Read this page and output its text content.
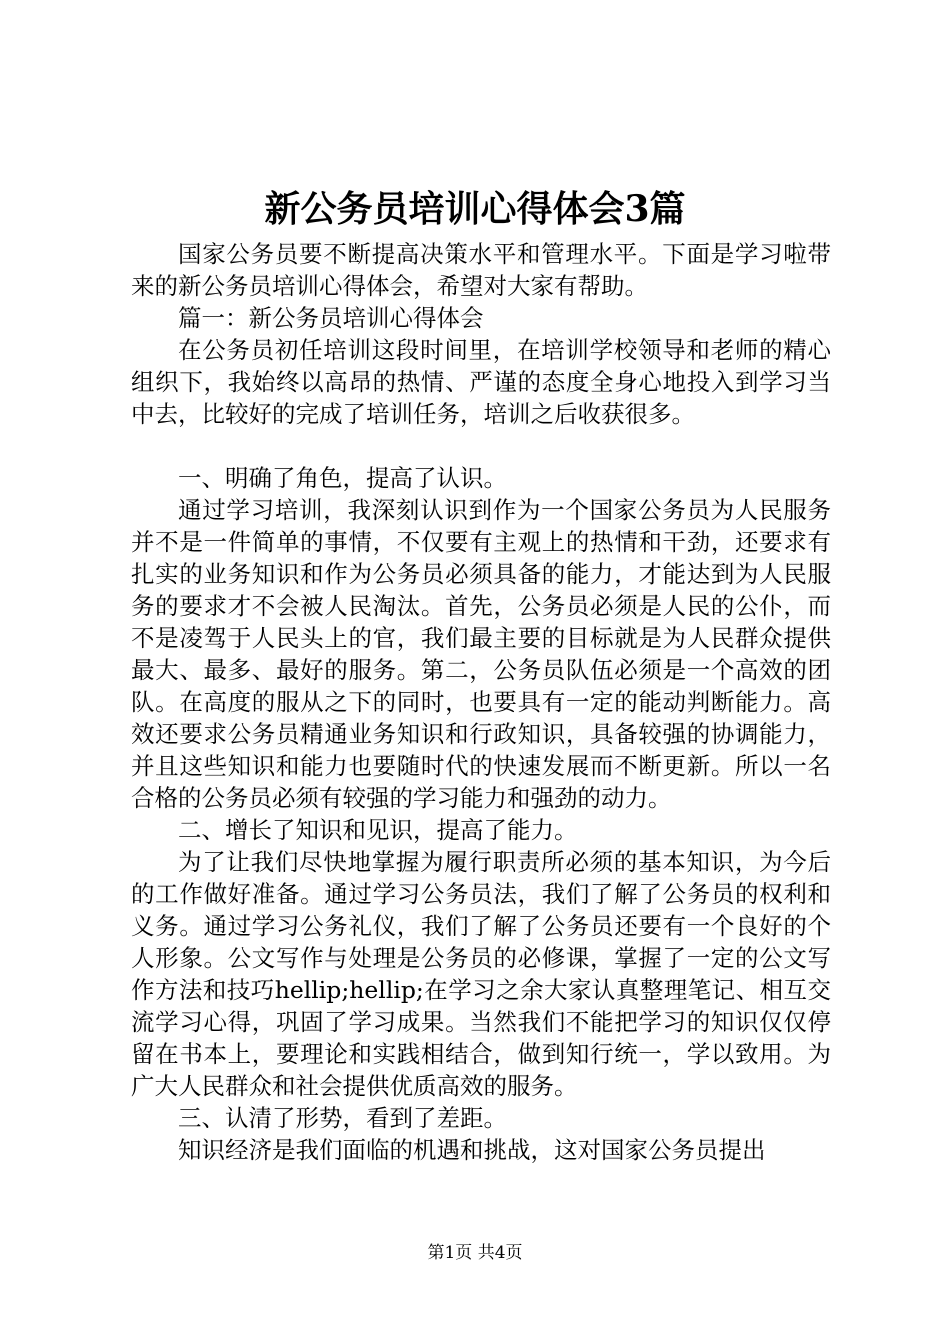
新公务员培训心得体会3篇

国家公务员要不断提高决策水平和管理水平。下面是学习啦带来的新公务员培训心得体会，希望对大家有帮助。

篇一：新公务员培训心得体会

在公务员初任培训这段时间里，在培训学校领导和老师的精心组织下，我始终以高昂的热情、严谨的态度全身心地投入到学习当中去，比较好的完成了培训任务，培训之后收获很多。

一、明确了角色，提高了认识。

通过学习培训，我深刻认识到作为一个国家公务员为人民服务并不是一件简单的事情，不仅要有主观上的热情和干劲，还要求有扎实的业务知识和作为公务员必须具备的能力，才能达到为人民服务的要求才不会被人民淘汰。首先，公务员必须是人民的公仆，而不是凌驾于人民头上的官，我们最主要的目标就是为人民群众提供最大、最多、最好的服务。第二，公务员队伍必须是一个高效的团队。在高度的服从之下的同时，也要具有一定的能动判断能力。高效还要求公务员精通业务知识和行政知识，具备较强的协调能力，并且这些知识和能力也要随时代的快速发展而不断更新。所以一名合格的公务员必须有较强的学习能力和强劲的动力。

二、增长了知识和见识，提高了能力。

为了让我们尽快地掌握为履行职责所必须的基本知识，为今后的工作做好准备。通过学习公务员法，我们了解了公务员的权利和义务。通过学习公务礼仪，我们了解了公务员还要有一个良好的个人形象。公文写作与处理是公务员的必修课，掌握了一定的公文写作方法和技巧hellip;hellip;在学习之余大家认真整理笔记、相互交流学习心得，巩固了学习成果。当然我们不能把学习的知识仅仅停留在书本上，要理论和实践相结合，做到知行统一，学以致用。为广大人民群众和社会提供优质高效的服务。

三、认清了形势，看到了差距。

知识经济是我们面临的机遇和挑战，这对国家公务员提出

第1页 共4页
